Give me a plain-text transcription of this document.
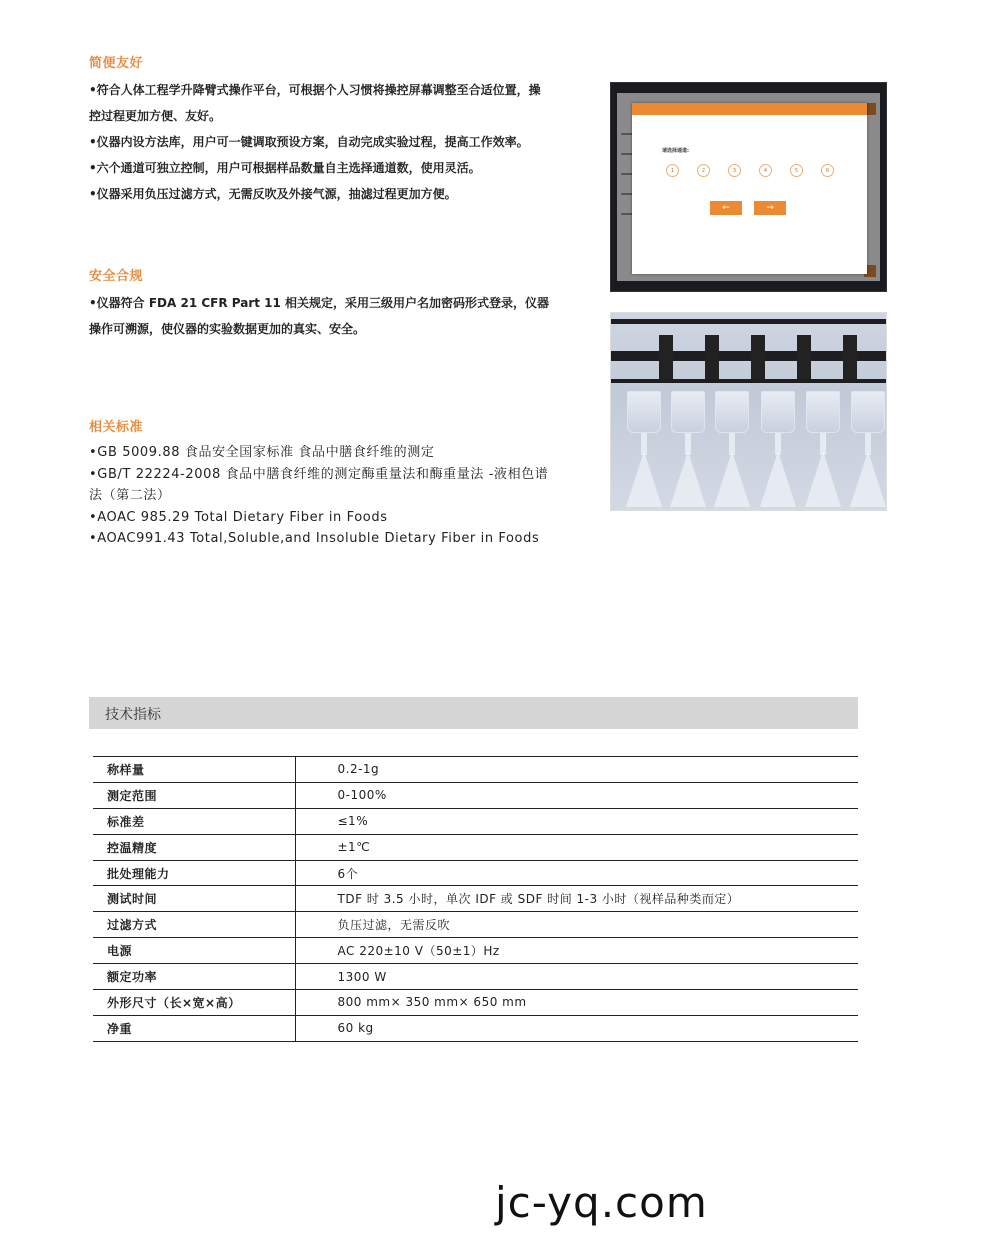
简便友好

•符合人体工程学升降臂式操作平台，可根据个人习惯将操控屏幕调整至合适位置，操控过程更加方便、友好。

•仪器内设方法库，用户可一键调取预设方案，自动完成实验过程，提高工作效率。

•六个通道可独立控制，用户可根据样品数量自主选择通道数，使用灵活。

•仪器采用负压过滤方式，无需反吹及外接气源，抽滤过程更加方便。

安全合规

•仪器符合 FDA 21 CFR Part 11 相关规定，采用三级用户名加密码形式登录，仪器操作可溯源，使仪器的实验数据更加的真实、安全。

相关标准

•GB 5009.88 食品安全国家标准 食品中膳食纤维的测定

•GB/T 22224-2008 食品中膳食纤维的测定酶重量法和酶重量法 -液相色谱法（第二法）

•AOAC 985.29 Total Dietary Fiber in Foods

•AOAC991.43 Total,Soluble,and Insoluble Dietary Fiber in Foods

请选择通道:
1	2	3	4	5	6
←	→
技术指标
称样量	0.2-1g
测定范围	0-100%
标准差	≤1%
控温精度	±1℃
批处理能力	6个
测试时间	TDF 时 3.5 小时，单次 IDF 或 SDF 时间 1-3 小时（视样品种类而定）
过滤方式	负压过滤，无需反吹
电源	AC 220±10 V（50±1）Hz
额定功率	1300 W
外形尺寸（长×宽×高）	800 mm× 350 mm× 650 mm
净重	60 kg
jc-yq.com
